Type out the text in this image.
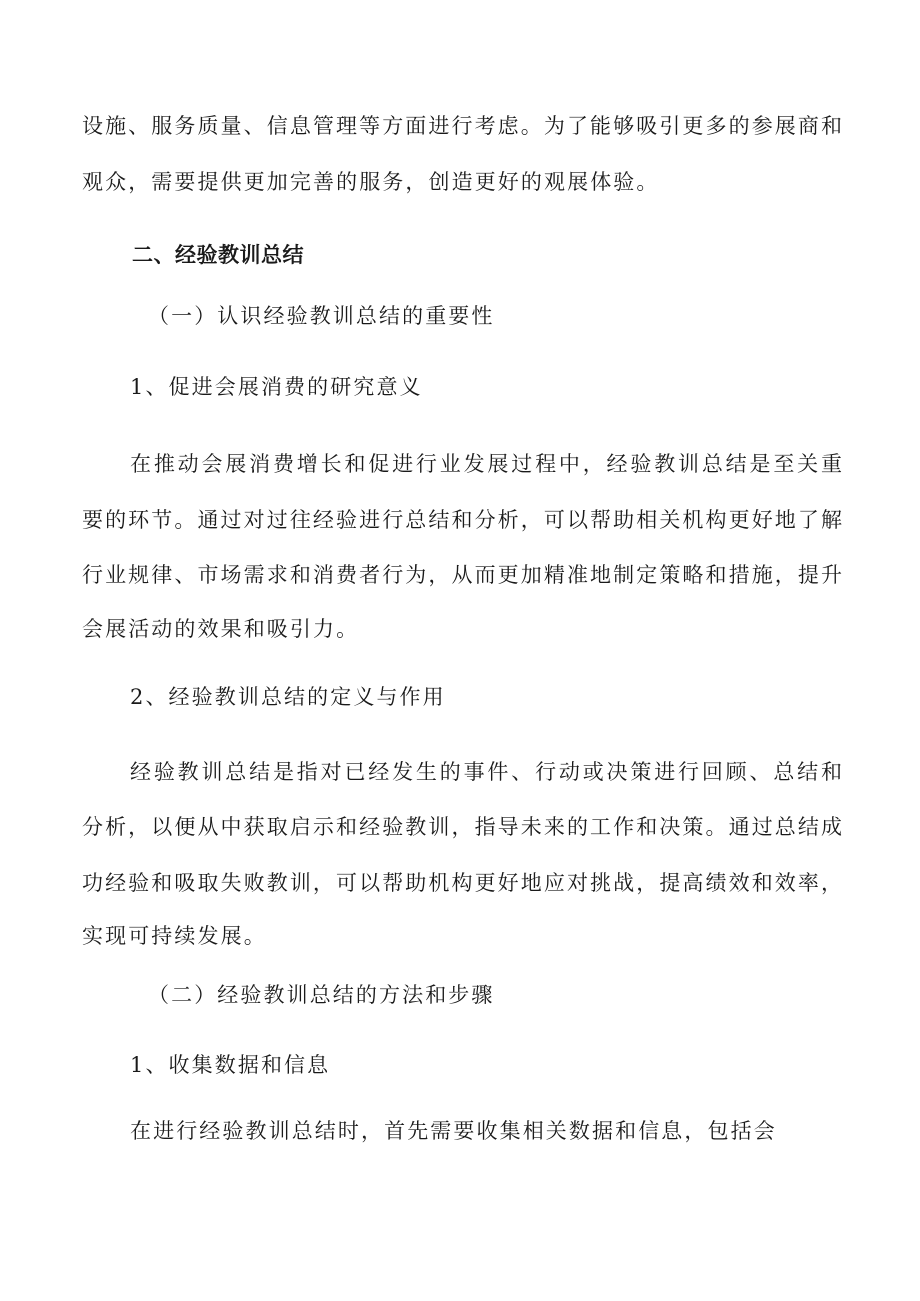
设施、服务质量、信息管理等方面进行考虑。为了能够吸引更多的参展商和
观众，需要提供更加完善的服务，创造更好的观展体验。
二、经验教训总结
（一）认识经验教训总结的重要性
1、促进会展消费的研究意义
在推动会展消费增长和促进行业发展过程中，经验教训总结是至关重
要的环节。通过对过往经验进行总结和分析，可以帮助相关机构更好地了解
行业规律、市场需求和消费者行为，从而更加精准地制定策略和措施，提升
会展活动的效果和吸引力。
2、经验教训总结的定义与作用
经验教训总结是指对已经发生的事件、行动或决策进行回顾、总结和
分析，以便从中获取启示和经验教训，指导未来的工作和决策。通过总结成
功经验和吸取失败教训，可以帮助机构更好地应对挑战，提高绩效和效率，
实现可持续发展。
（二）经验教训总结的方法和步骤
1、收集数据和信息
在进行经验教训总结时，首先需要收集相关数据和信息，包括会
